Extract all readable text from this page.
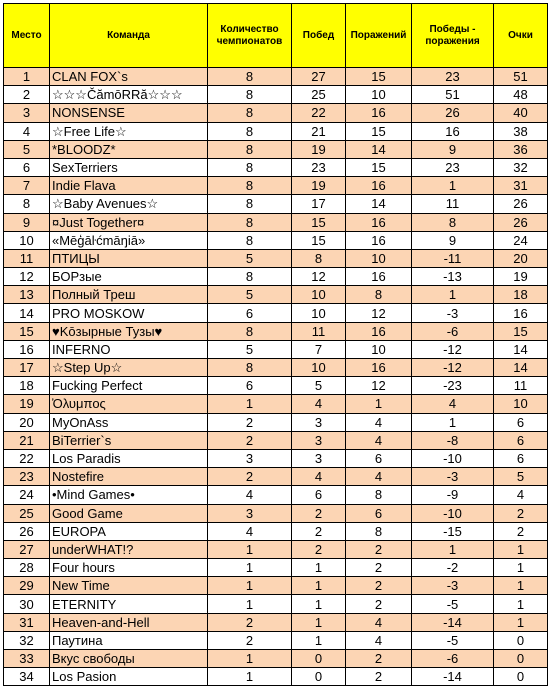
Место	Команда	Количество чемпионатов	Побед	Поражений	Победы - поражения	Очки
1	CLAN FOX`s	8	27	15	23	51
2	☆☆☆ČămōRRă☆☆☆	8	25	10	51	48
3	NONSENSE	8	22	16	26	40
4	☆Free Life☆	8	21	15	16	38
5	*BLOODZ*	8	19	14	9	36
6	SexTerriers	8	23	15	23	32
7	Indie Flava	8	19	16	1	31
8	☆Baby Avenues☆	8	17	14	11	26
9	¤Just Together¤	8	15	16	8	26
10	«Mēģāŀćmāŋiā»	8	15	16	9	24
11	ПТИЦЫ	5	8	10	-11	20
12	БОРзые	8	12	16	-13	19
13	Полный Треш	5	10	8	1	18
14	PRO MOSKOW	6	10	12	-3	16
15	♥Kōзырные Тузы♥	8	11	16	-6	15
16	INFERNO	5	7	10	-12	14
17	☆Step Up☆	8	10	16	-12	14
18	Fucking Perfect	6	5	12	-23	11
19	Ὀλυμπος	1	4	1	4	10
20	MyOnAss	2	3	4	1	6
21	BiTerrier`s	2	3	4	-8	6
22	Los Paradis	3	3	6	-10	6
23	Nostefire	2	4	4	-3	5
24	•Mind Games•	4	6	8	-9	4
25	Good Game	3	2	6	-10	2
26	EUROPA	4	2	8	-15	2
27	underWHAT!?	1	2	2	1	1
28	Four hours	1	1	2	-2	1
29	New Time	1	1	2	-3	1
30	ETERNITY	1	1	2	-5	1
31	Heaven-and-Hell	2	1	4	-14	1
32	Паутина	2	1	4	-5	0
33	Вкус свободы	1	0	2	-6	0
34	Los Pasion	1	0	2	-14	0
